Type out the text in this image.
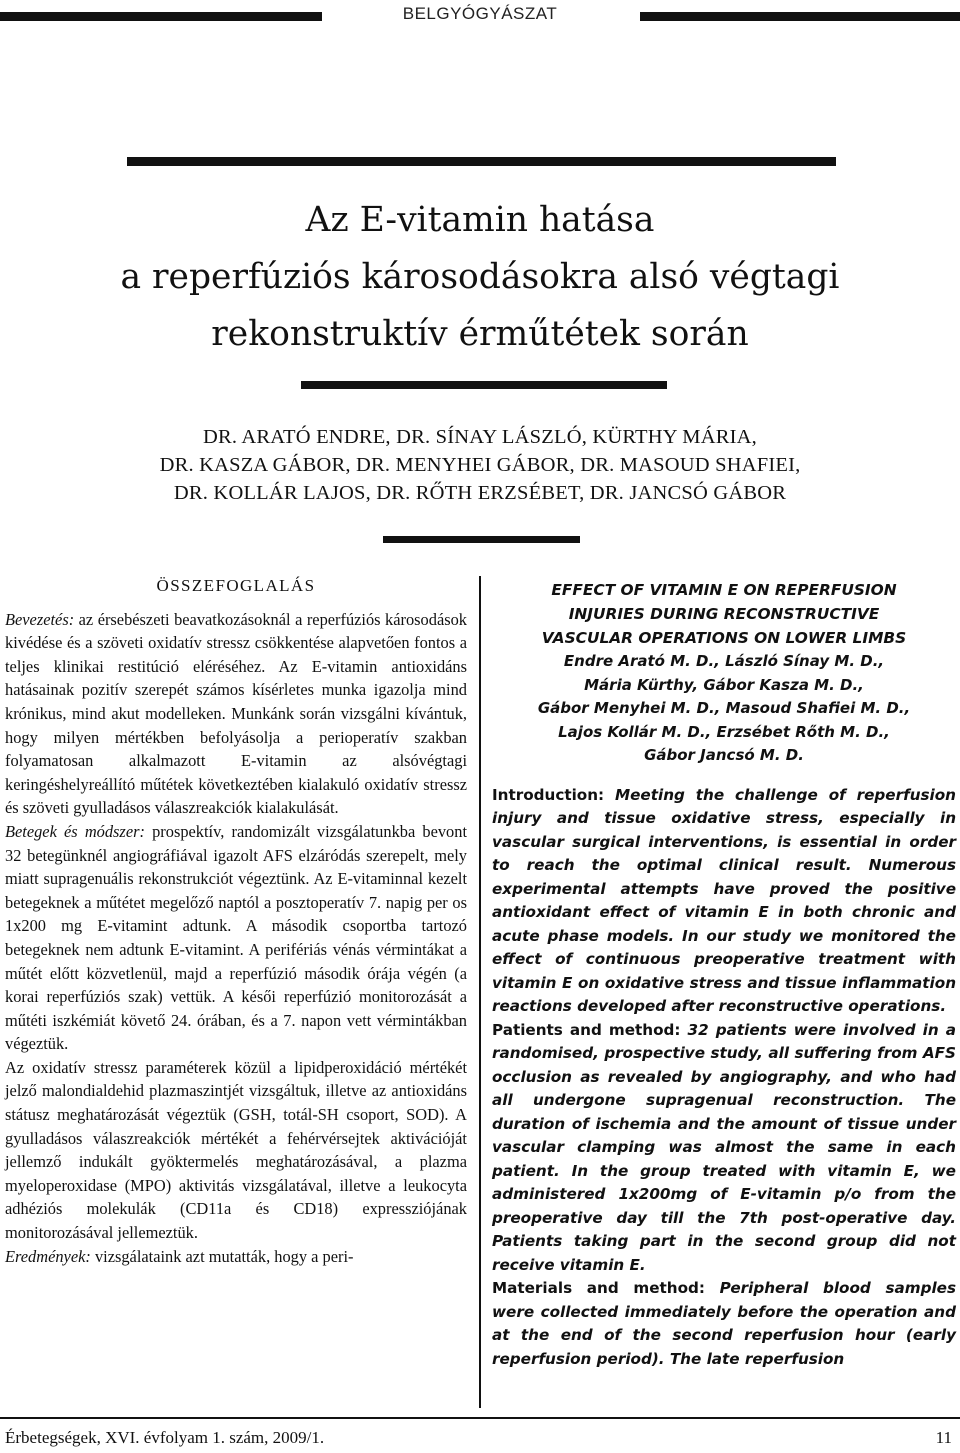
BELGYÓGYÁSZAT
Az E-vitamin hatása
a reperfúziós károsodásokra alsó végtagi
rekonstruktív érműtétek során
DR. ARATÓ ENDRE, DR. SÍNAY LÁSZLÓ, KÜRTHY MÁRIA,
DR. KASZA GÁBOR, DR. MENYHEI GÁBOR, DR. MASOUD SHAFIEI,
DR. KOLLÁR LAJOS, DR. RŐTH ERZSÉBET, DR. JANCSÓ GÁBOR
ÖSSZEFOGLALÁS

Bevezetés: az érsebészeti beavatkozásoknál a reperfúziós károsodások kivédése és a szöveti oxidatív stressz csökkentése alapvetően fontos a teljes klinikai restitúció eléréséhez. Az E-vitamin antioxidáns hatásainak pozitív szerepét számos kísérletes munka igazolja mind krónikus, mind akut modelleken. Munkánk során vizsgálni kívántuk, hogy milyen mértékben befolyásolja a perioperatív szakban folyamatosan alkalmazott E-vitamin az alsóvégtagi keringéshelyreállító műtétek következtében kialakuló oxidatív stressz és szöveti gyulladásos válaszreakciók kialakulását.

Betegek és módszer: prospektív, randomizált vizsgálatunkba bevont 32 betegünknél angiográfiával igazolt AFS elzáródás szerepelt, mely miatt supragenuális rekonstrukciót végeztünk. Az E-vitaminnal kezelt betegeknek a műtétet megelőző naptól a posztoperatív 7. napig per os 1x200 mg E-vitamint adtunk. A második csoportba tartozó betegeknek nem adtunk E-vitamint. A perifériás vénás vérmintákat a műtét előtt közvetlenül, majd a reperfúzió második órája végén (a korai reperfúziós szak) vettük. A késői reperfúzió monitorozását a műtéti iszkémiát követő 24. órában, és a 7. napon vett vérmintákban végeztük.

Az oxidatív stressz paraméterek közül a lipidperoxidáció mértékét jelző malondialdehid plazmaszintjét vizsgáltuk, illetve az antioxidáns státusz meghatározását végeztük (GSH, totál-SH csoport, SOD). A gyulladásos válaszreakciók mértékét a fehérvérsejtek aktivációját jellemző indukált gyöktermelés meghatározásával, a plazma myeloperoxidase (MPO) aktivitás vizsgálatával, illetve a leukocyta adhéziós molekulák (CD11a és CD18) expressziójának monitorozásával jellemeztük.

Eredmények: vizsgálataink azt mutatták, hogy a peri-

EFFECT OF VITAMIN E ON REPERFUSION
INJURIES DURING RECONSTRUCTIVE
VASCULAR OPERATIONS ON LOWER LIMBS
Endre Arató M. D., László Sínay M. D.,
Mária Kürthy, Gábor Kasza M. D.,
Gábor Menyhei M. D., Masoud Shafiei M. D.,
Lajos Kollár M. D., Erzsébet Rőth M. D.,
Gábor Jancsó M. D.

Introduction: Meeting the challenge of reperfusion injury and tissue oxidative stress, especially in vascular surgical interventions, is essential in order to reach the optimal clinical result. Numerous experimental attempts have proved the positive antioxidant effect of vitamin E in both chronic and acute phase models. In our study we monitored the effect of continuous preoperative treatment with vitamin E on oxidative stress and tissue inflammation reactions developed after reconstructive operations.

Patients and method: 32 patients were involved in a randomised, prospective study, all suffering from AFS occlusion as revealed by angiography, and who had all undergone supragenual reconstruction. The duration of ischemia and the amount of tissue under vascular clamping was almost the same in each patient. In the group treated with vitamin E, we administered 1x200mg of E-vitamin p/o from the preoperative day till the 7th post-operative day. Patients taking part in the second group did not receive vitamin E.

Materials and method: Peripheral blood samples were collected immediately before the operation and at the end of the second reperfusion hour (early reperfusion period). The late reperfusion

Érbetegségek, XVI. évfolyam 1. szám, 2009/1.	11
